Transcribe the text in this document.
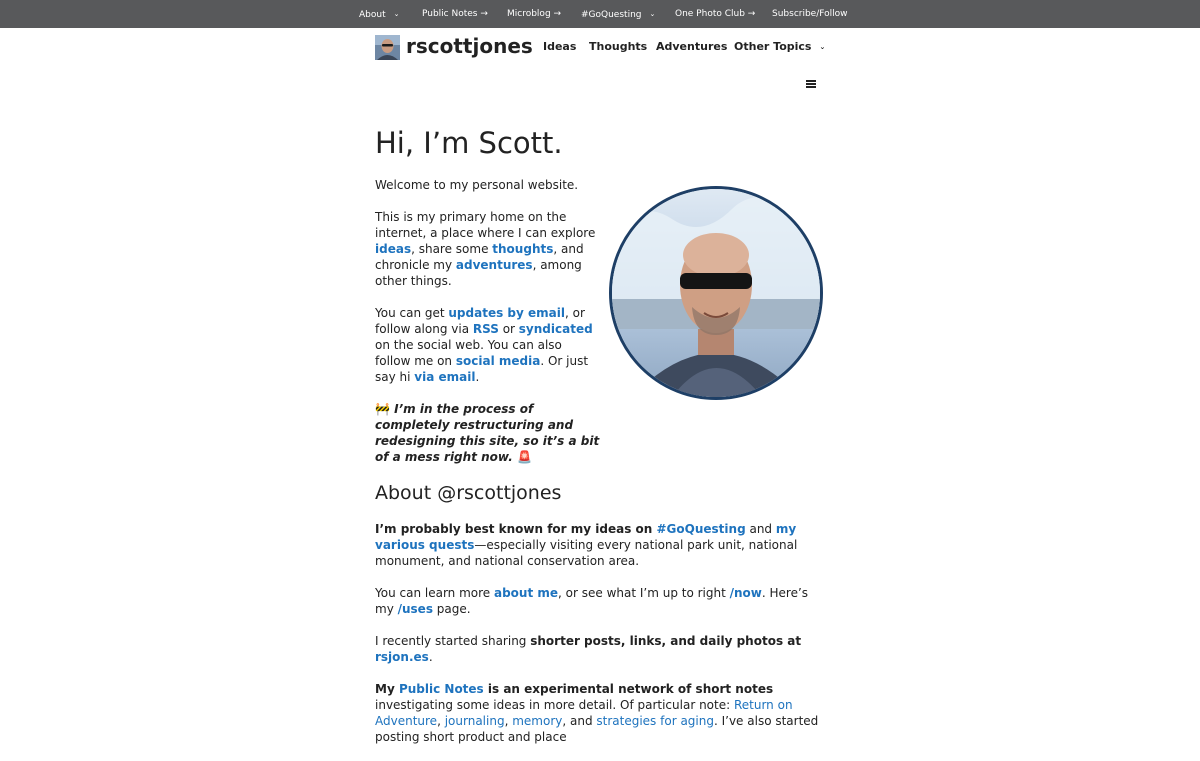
About ⌄	Public Notes → Microblog → #GoQuesting ⌄ One Photo Club → Subscribe/Follow
rscottjones Ideas Thoughts Adventures Other Topics ⌄
Hi, I’m Scott.

Welcome to my personal website.

This is my primary home on the internet, a place where I can explore ideas, share some thoughts, and chronicle my adventures, among other things.

You can get updates by email, or follow along via RSS or syndicated on the social web. You can also follow me on social media. Or just say hi via email.

🚧 I’m in the process of completely restructuring and redesigning this site, so it’s a bit of a mess right now. 🚨

About @rscottjones

I’m probably best known for my ideas on #GoQuesting and my various quests—especially visiting every national park unit, national monument, and national conservation area.

You can learn more about me, or see what I’m up to right /now. Here’s my /uses page.

I recently started sharing shorter posts, links, and daily photos at rsjon.es.

My Public Notes is an experimental network of short notes investigating some ideas in more detail. Of particular note: Return on Adventure, journaling, memory, and strategies for aging. I’ve also started posting short product and place
